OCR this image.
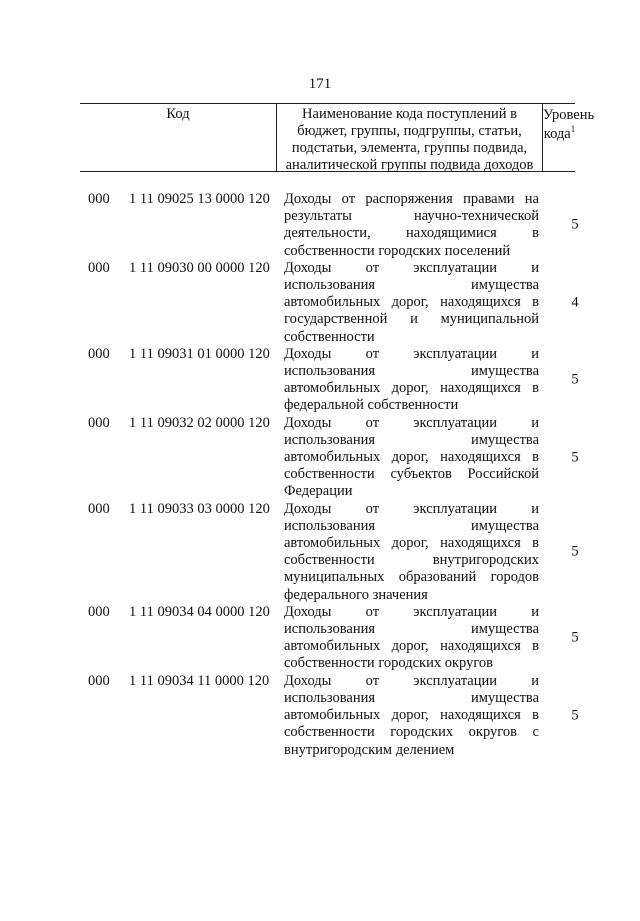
171
Код	Наименование кода поступлений в
бюджет, группы, подгруппы, статьи,
подстатьи, элемента, группы подвида,
аналитической группы подвида доходов
Уровень
кода$^1$
000 1 11 09025 13 0000 120 Доходы от распоряжения правами на результаты научно-технической деятельности, находящимися в собственности городских поселений
5
000 1 11 09030 00 0000 120 Доходы от эксплуатации и использования имущества автомобильных дорог, находящихся в государственной и муниципальной собственности
4
000 1 11 09031 01 0000 120 Доходы от эксплуатации и использования имущества автомобильных дорог, находящихся в федеральной собственности
5
000 1 11 09032 02 0000 120 Доходы от эксплуатации и использования имущества автомобильных дорог, находящихся в собственности субъектов Российской Федерации
5
000 1 11 09033 03 0000 120 Доходы от эксплуатации и использования имущества автомобильных дорог, находящихся в собственности внутригородских муниципальных образований городов федерального значения
5
000 1 11 09034 04 0000 120 Доходы от эксплуатации и использования имущества автомобильных дорог, находящихся в собственности городских округов
5
000 1 11 09034 11 0000 120 Доходы от эксплуатации и использования имущества автомобильных дорог, находящихся в собственности городских округов с внутригородским делением
5
